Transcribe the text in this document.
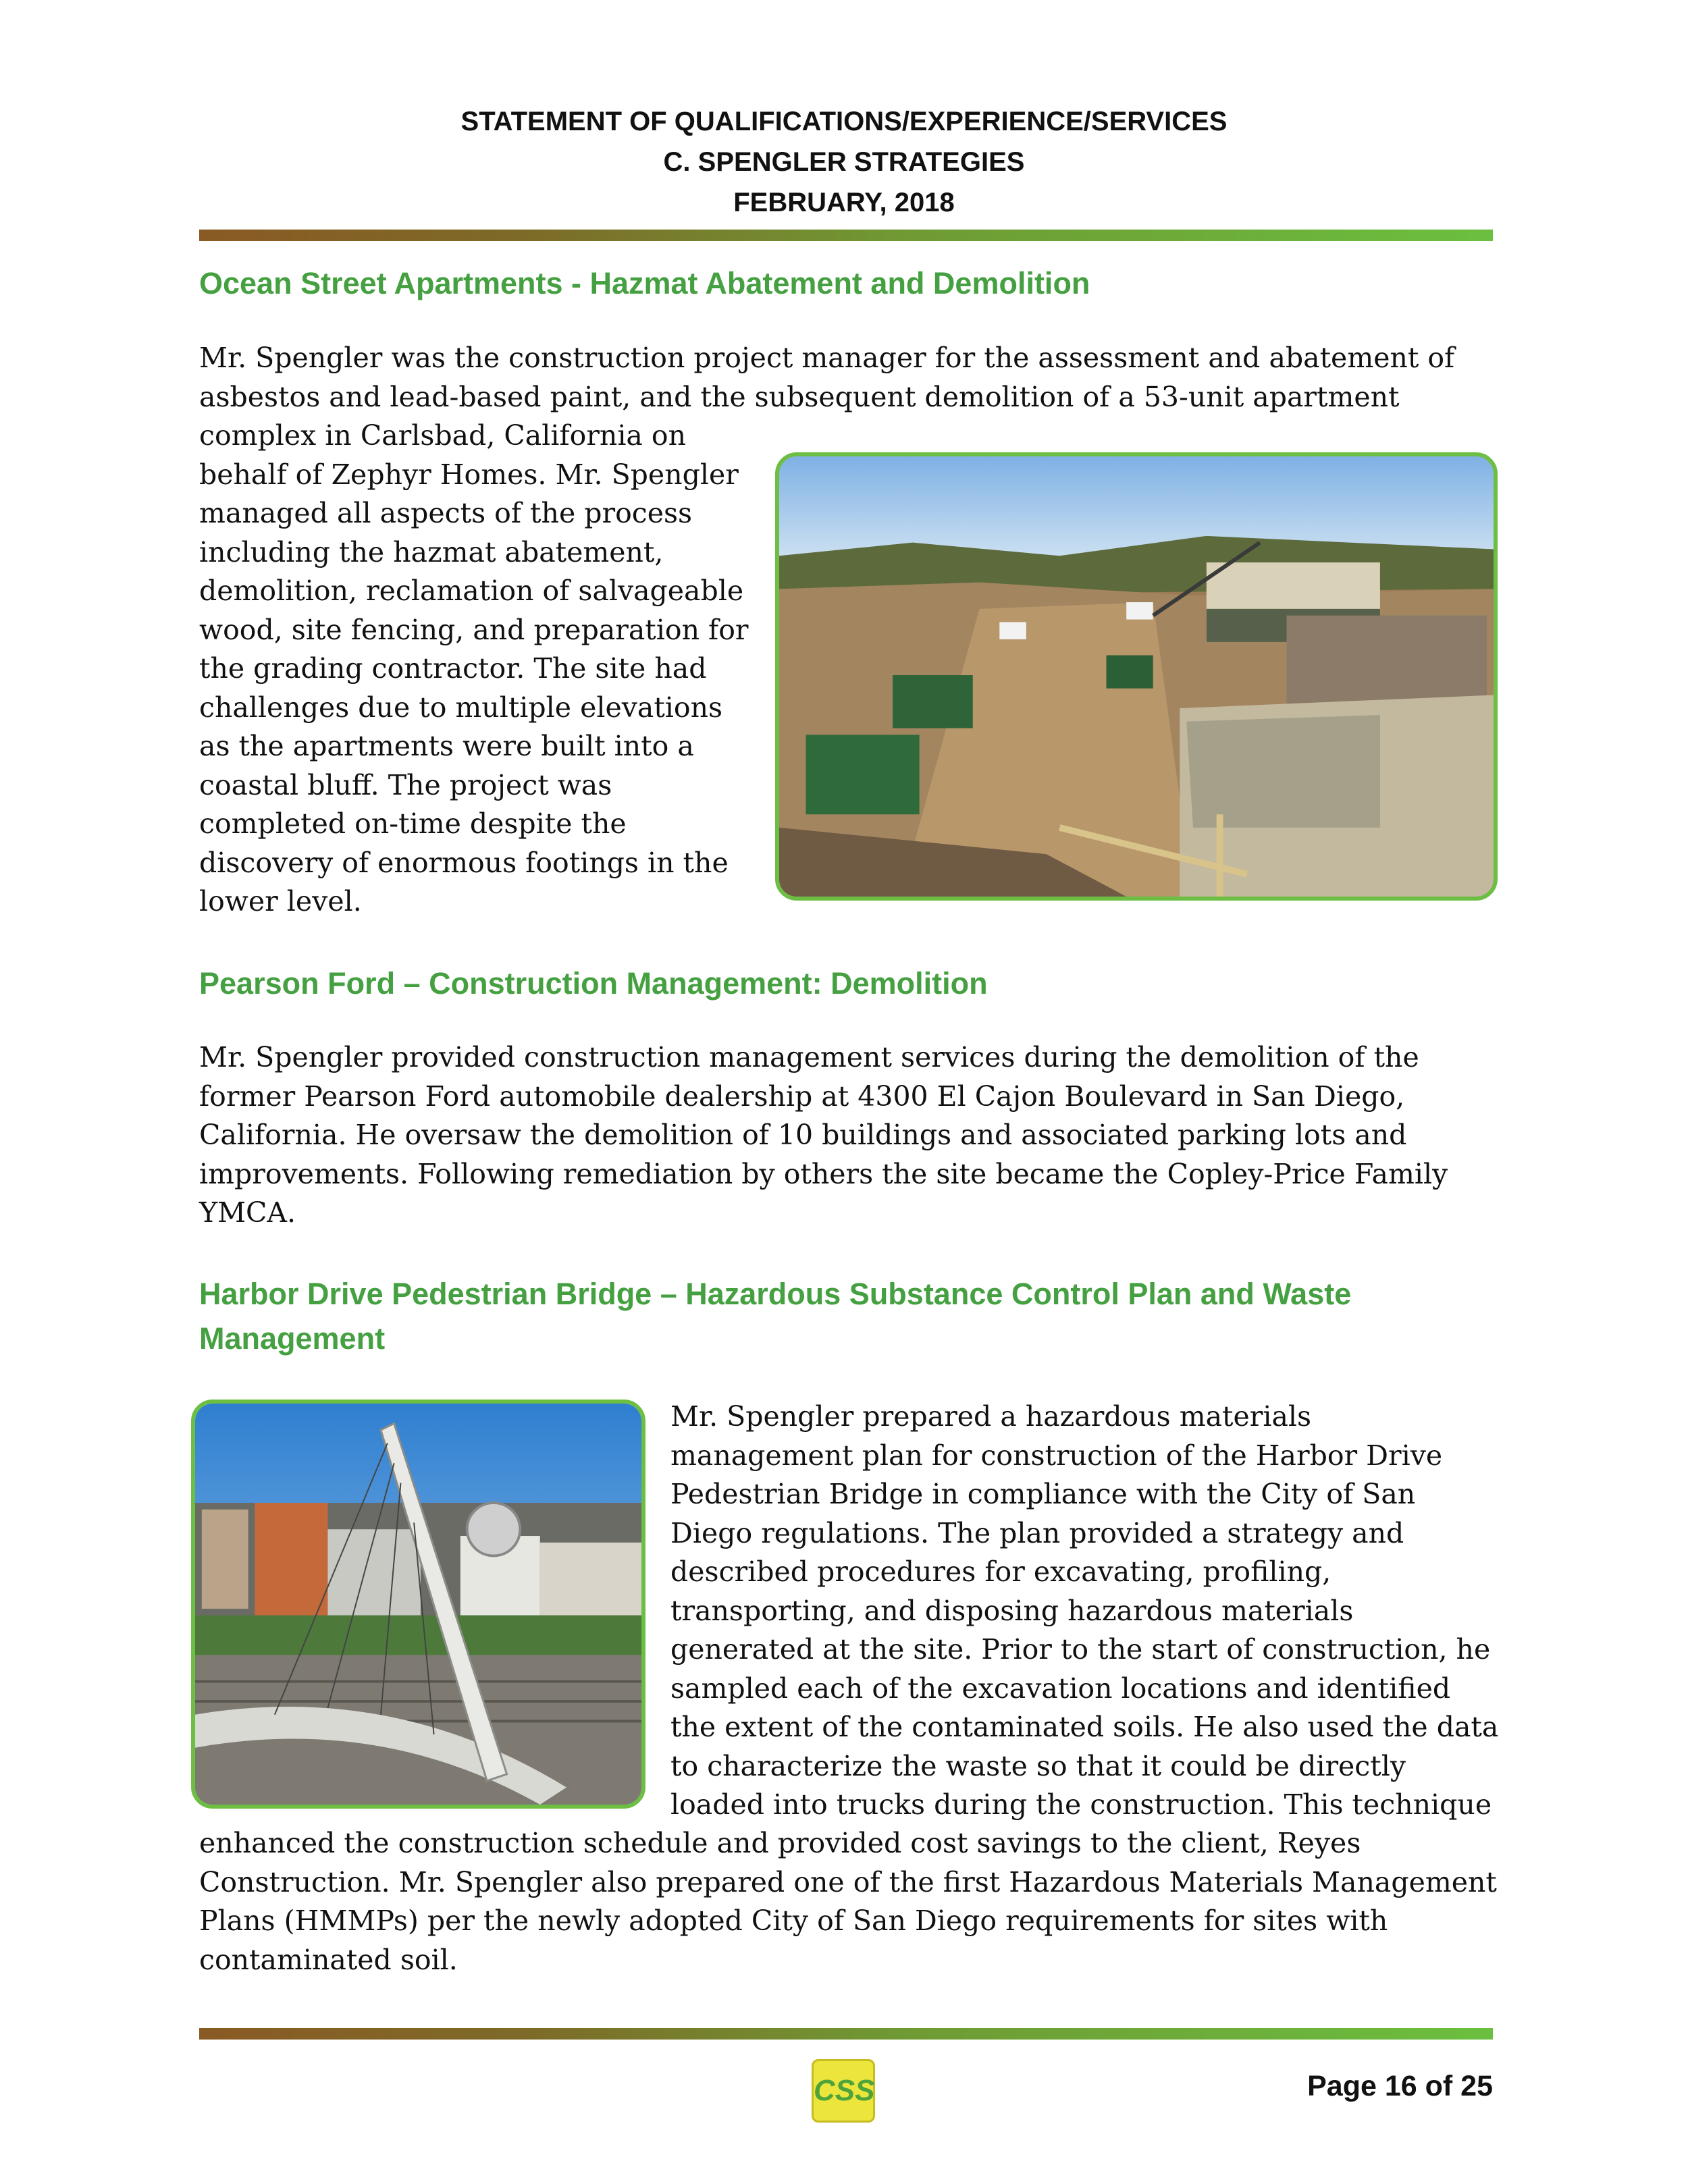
STATEMENT OF QUALIFICATIONS/EXPERIENCE/SERVICES
C. SPENGLER STRATEGIES
FEBRUARY, 2018
Ocean Street Apartments - Hazmat Abatement and Demolition

Mr. Spengler was the construction project manager for the assessment and abatement of

asbestos and lead-based paint, and the subsequent demolition of a 53-unit apartment

complex in Carlsbad, California on

behalf of Zephyr Homes. Mr. Spengler

managed all aspects of the process

including the hazmat abatement,

demolition, reclamation of salvageable

wood, site fencing, and preparation for

the grading contractor. The site had

challenges due to multiple elevations

as the apartments were built into a

coastal bluff. The project was

completed on-time despite the

discovery of enormous footings in the

lower level.

Pearson Ford – Construction Management: Demolition

Mr. Spengler provided construction management services during the demolition of the

former Pearson Ford automobile dealership at 4300 El Cajon Boulevard in San Diego,

California. He oversaw the demolition of 10 buildings and associated parking lots and

improvements. Following remediation by others the site became the Copley-Price Family

YMCA.

Harbor Drive Pedestrian Bridge – Hazardous Substance Control Plan and Waste
Management

Mr. Spengler prepared a hazardous materials

management plan for construction of the Harbor Drive

Pedestrian Bridge in compliance with the City of San

Diego regulations. The plan provided a strategy and

described procedures for excavating, profiling,

transporting, and disposing hazardous materials

generated at the site. Prior to the start of construction, he

sampled each of the excavation locations and identified

the extent of the contaminated soils. He also used the data

to characterize the waste so that it could be directly

loaded into trucks during the construction. This technique

enhanced the construction schedule and provided cost savings to the client, Reyes

Construction. Mr. Spengler also prepared one of the first Hazardous Materials Management

Plans (HMMPs) per the newly adopted City of San Diego requirements for sites with

contaminated soil.

CSS	Page 16 of 25
